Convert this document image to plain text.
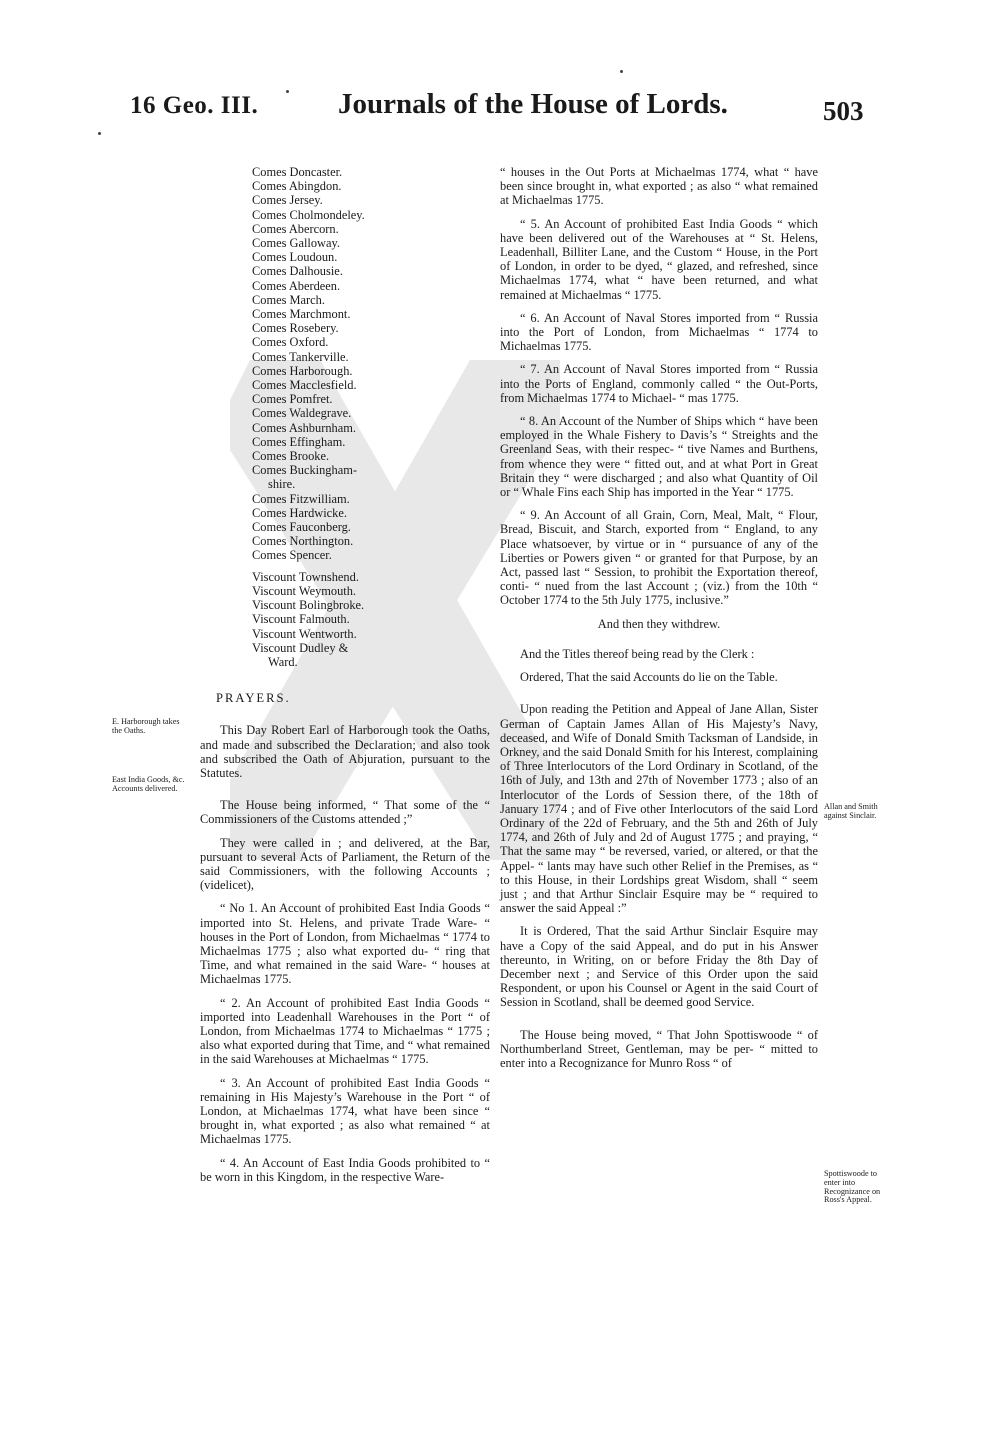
16 Geo. III.	Journals of the House of Lords.	503
Comes Doncaster.
Comes Abingdon.
Comes Jersey.
Comes Cholmondeley.
Comes Abercorn.
Comes Galloway.
Comes Loudoun.
Comes Dalhousie.
Comes Aberdeen.
Comes March.
Comes Marchmont.
Comes Rosebery.
Comes Oxford.
Comes Tankerville.
Comes Harborough.
Comes Macclesfield.
Comes Pomfret.
Comes Waldegrave.
Comes Ashburnham.
Comes Effingham.
Comes Brooke.
Comes Buckingham-
shire.
Comes Fitzwilliam.
Comes Hardwicke.
Comes Fauconberg.
Comes Northington.
Comes Spencer.
Viscount Townshend.
Viscount Weymouth.
Viscount Bolingbroke.
Viscount Falmouth.
Viscount Wentworth.
Viscount Dudley &
Ward.
PRAYERS.

This Day Robert Earl of Harborough took the Oaths, and made and subscribed the Declaration; and also took and subscribed the Oath of Abjuration, pursuant to the Statutes.

The House being informed, “ That some of the “ Commissioners of the Customs attended ;”

They were called in ; and delivered, at the Bar, pursuant to several Acts of Parliament, the Return of the said Commissioners, with the following Accounts ; (videlicet),

“ No 1. An Account of prohibited East India Goods “ imported into St. Helens, and private Trade Ware- “ houses in the Port of London, from Michaelmas “ 1774 to Michaelmas 1775 ; also what exported du- “ ring that Time, and what remained in the said Ware- “ houses at Michaelmas 1775.

“ 2. An Account of prohibited East India Goods “ imported into Leadenhall Warehouses in the Port “ of London, from Michaelmas 1774 to Michaelmas “ 1775 ; also what exported during that Time, and “ what remained in the said Warehouses at Michaelmas “ 1775.

“ 3. An Account of prohibited East India Goods “ remaining in His Majesty’s Warehouse in the Port “ of London, at Michaelmas 1774, what have been since “ brought in, what exported ; as also what remained “ at Michaelmas 1775.

“ 4. An Account of East India Goods prohibited to “ be worn in this Kingdom, in the respective Ware-

“ houses in the Out Ports at Michaelmas 1774, what “ have been since brought in, what exported ; as also “ what remained at Michaelmas 1775.

“ 5. An Account of prohibited East India Goods “ which have been delivered out of the Warehouses at “ St. Helens, Leadenhall, Billiter Lane, and the Custom “ House, in the Port of London, in order to be dyed, “ glazed, and refreshed, since Michaelmas 1774, what “ have been returned, and what remained at Michaelmas “ 1775.

“ 6. An Account of Naval Stores imported from “ Russia into the Port of London, from Michaelmas “ 1774 to Michaelmas 1775.

“ 7. An Account of Naval Stores imported from “ Russia into the Ports of England, commonly called “ the Out-Ports, from Michaelmas 1774 to Michael- “ mas 1775.

“ 8. An Account of the Number of Ships which “ have been employed in the Whale Fishery to Davis’s “ Streights and the Greenland Seas, with their respec- “ tive Names and Burthens, from whence they were “ fitted out, and at what Port in Great Britain they “ were discharged ; and also what Quantity of Oil or “ Whale Fins each Ship has imported in the Year “ 1775.

“ 9. An Account of all Grain, Corn, Meal, Malt, “ Flour, Bread, Biscuit, and Starch, exported from “ England, to any Place whatsoever, by virtue or in “ pursuance of any of the Liberties or Powers given “ or granted for that Purpose, by an Act, passed last “ Session, to prohibit the Exportation thereof, conti- “ nued from the last Account ; (viz.) from the 10th “ October 1774 to the 5th July 1775, inclusive.”

And then they withdrew.

And the Titles thereof being read by the Clerk :

Ordered, That the said Accounts do lie on the Table.

Upon reading the Petition and Appeal of Jane Allan, Sister German of Captain James Allan of His Majesty’s Navy, deceased, and Wife of Donald Smith Tacksman of Landside, in Orkney, and the said Donald Smith for his Interest, complaining of Three Interlocutors of the Lord Ordinary in Scotland, of the 16th of July, and 13th and 27th of November 1773 ; also of an Interlocutor of the Lords of Session there, of the 18th of January 1774 ; and of Five other Interlocutors of the said Lord Ordinary of the 22d of February, and the 5th and 26th of July 1774, and 26th of July and 2d of August 1775 ; and praying, “ That the same may “ be reversed, varied, or altered, or that the Appel- “ lants may have such other Relief in the Premises, as “ to this House, in their Lordships great Wisdom, shall “ seem just ; and that Arthur Sinclair Esquire may be “ required to answer the said Appeal :”

It is Ordered, That the said Arthur Sinclair Esquire may have a Copy of the said Appeal, and do put in his Answer thereunto, in Writing, on or before Friday the 8th Day of December next ; and Service of this Order upon the said Respondent, or upon his Counsel or Agent in the said Court of Session in Scotland, shall be deemed good Service.

The House being moved, “ That John Spottiswoode “ of Northumberland Street, Gentleman, may be per- “ mitted to enter into a Recognizance for Munro Ross “ of

E. Harborough takes the Oaths.
East India Goods, &c. Accounts delivered.
Allan and Smith against Sinclair.
Spottiswoode to enter into Recognizance on Ross's Appeal.
